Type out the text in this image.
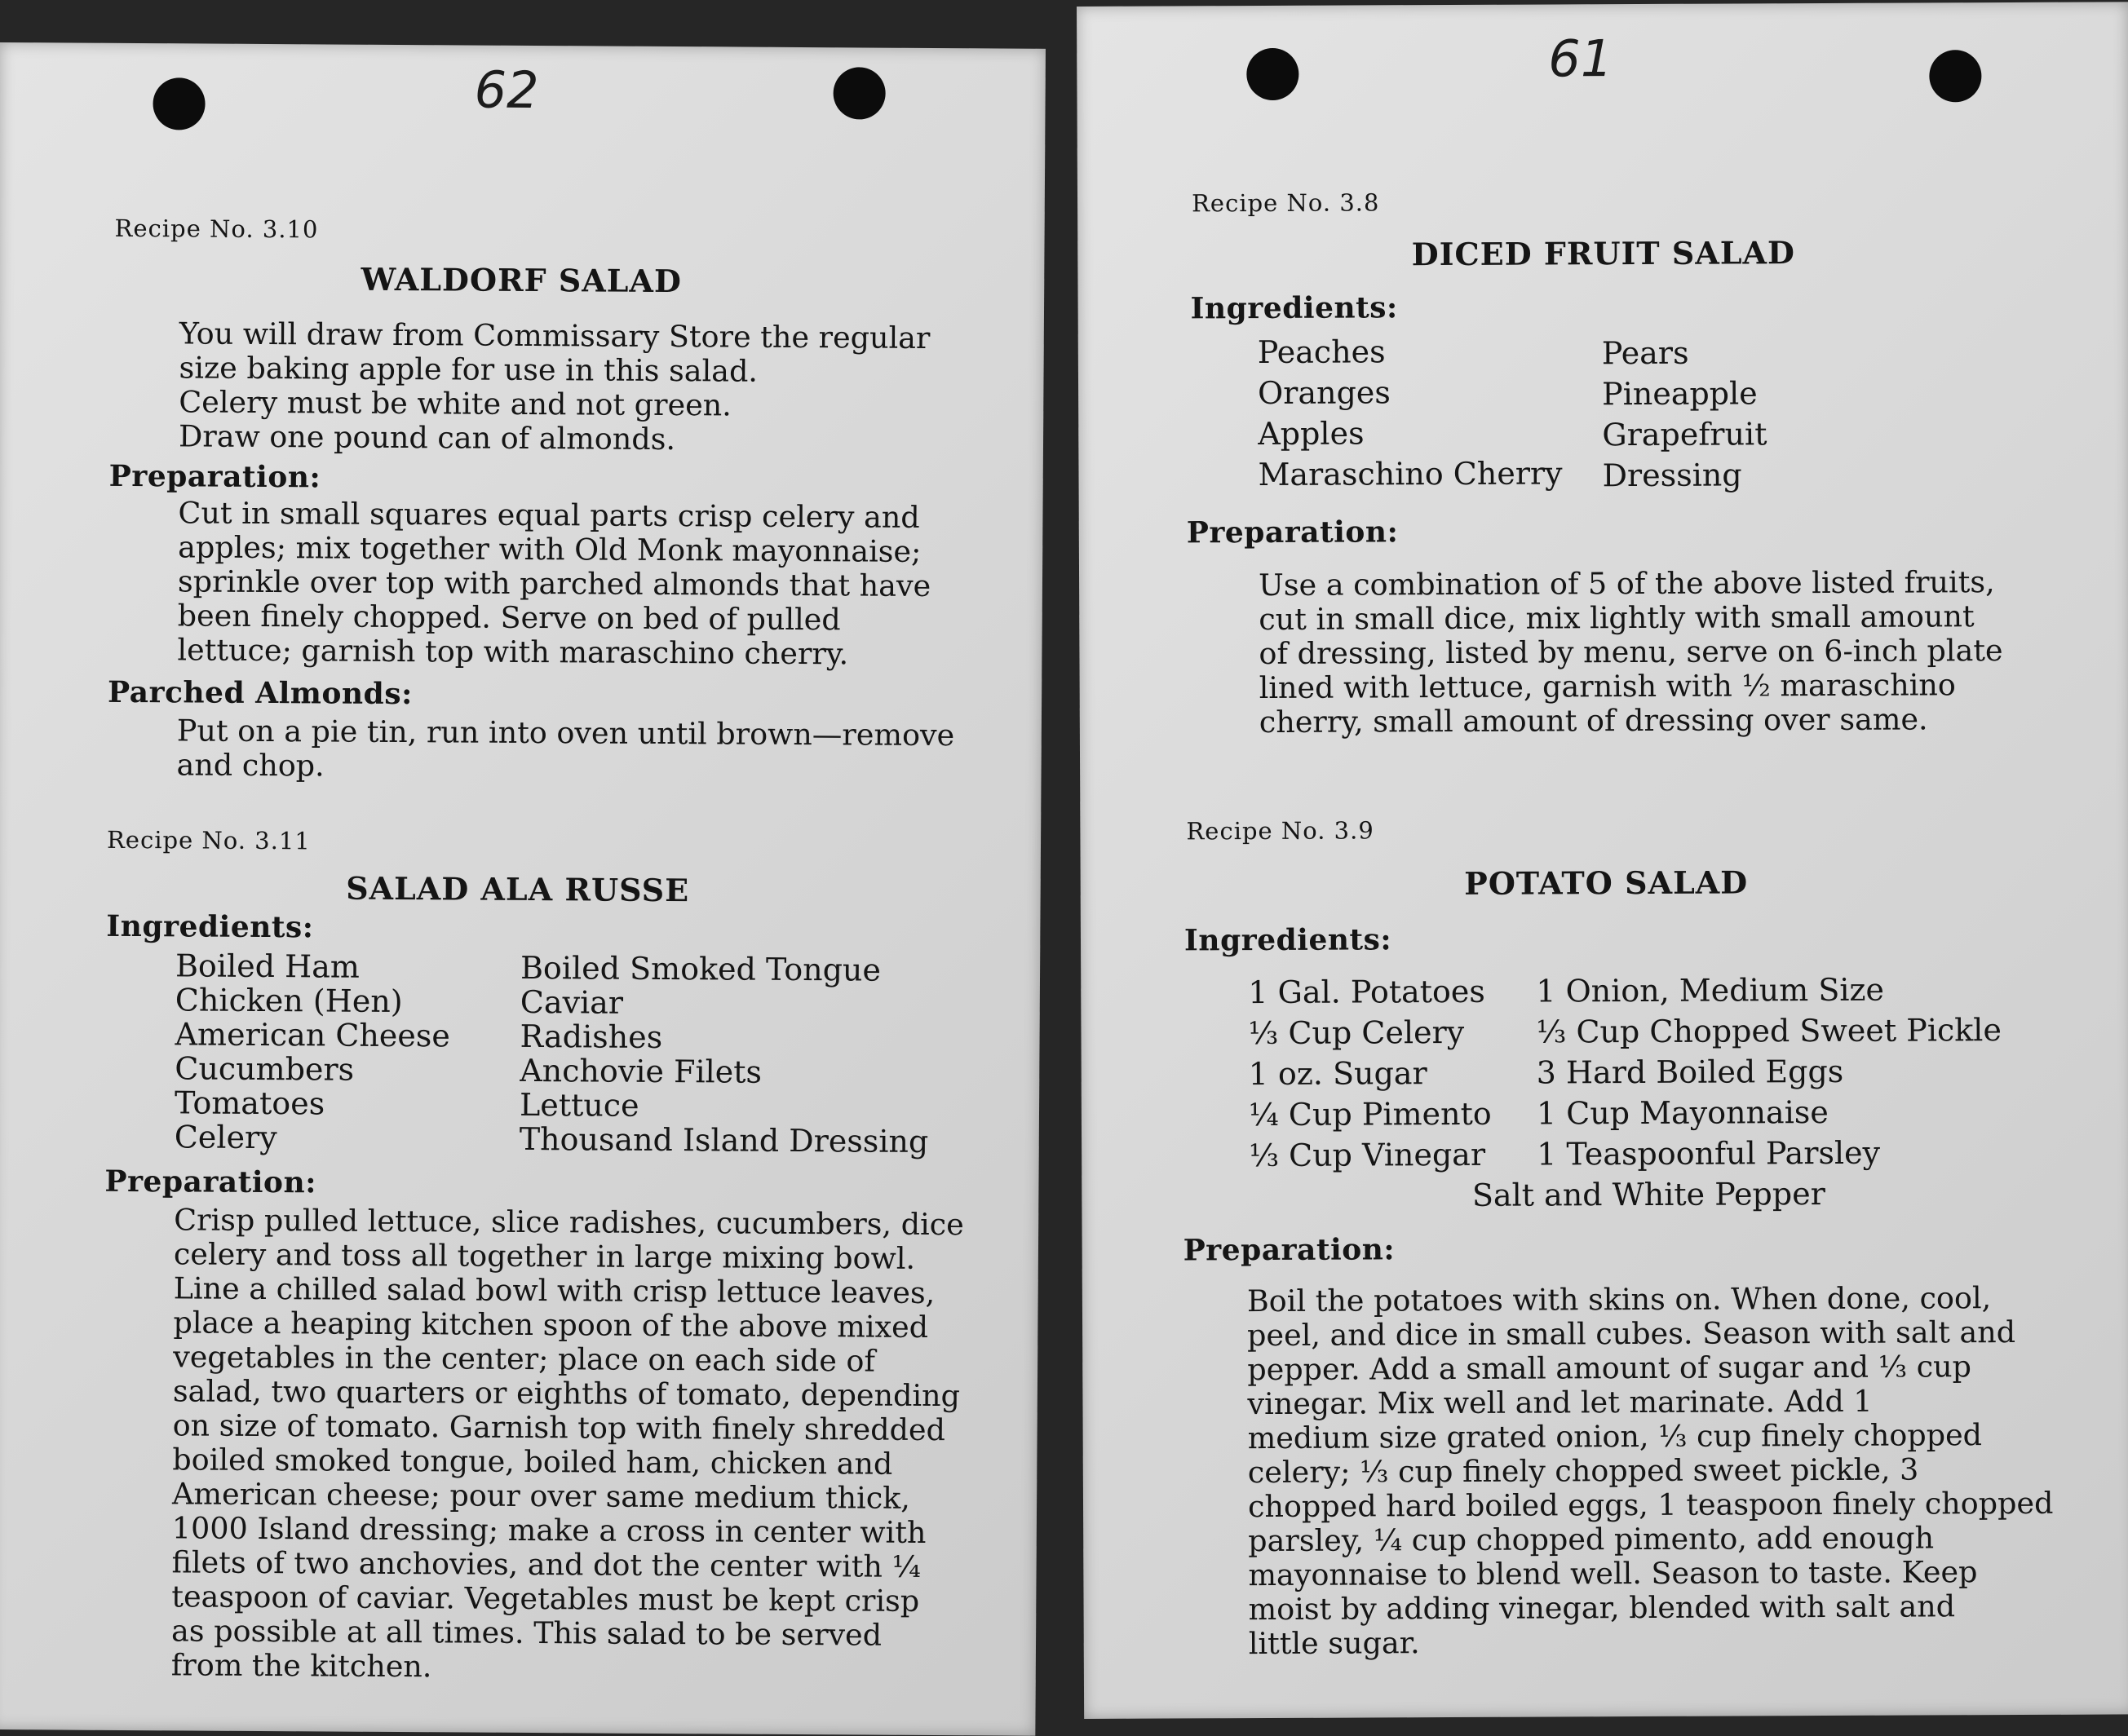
62
Recipe No. 3.10
WALDORF SALAD
You will draw from Commissary Store the regular
size baking apple for use in this salad.
Celery must be white and not green.
Draw one pound can of almonds.
Preparation:
Cut in small squares equal parts crisp celery and
apples; mix together with Old Monk mayonnaise;
sprinkle over top with parched almonds that have
been finely chopped. Serve on bed of pulled
lettuce; garnish top with maraschino cherry.
Parched Almonds:
Put on a pie tin, run into oven until brown—remove
and chop.
Recipe No. 3.11
SALAD ALA RUSSE
Ingredients:
Boiled Ham
Chicken (Hen)
American Cheese
Cucumbers
Tomatoes
Celery
Boiled Smoked Tongue
Caviar
Radishes
Anchovie Filets
Lettuce
Thousand Island Dressing
Preparation:
Crisp pulled lettuce, slice radishes, cucumbers, dice
celery and toss all together in large mixing bowl.
Line a chilled salad bowl with crisp lettuce leaves,
place a heaping kitchen spoon of the above mixed
vegetables in the center; place on each side of
salad, two quarters or eighths of tomato, depending
on size of tomato. Garnish top with finely shredded
boiled smoked tongue, boiled ham, chicken and
American cheese; pour over same medium thick,
1000 Island dressing; make a cross in center with
filets of two anchovies, and dot the center with ¼
teaspoon of caviar. Vegetables must be kept crisp
as possible at all times. This salad to be served
from the kitchen.
61
Recipe No. 3.8
DICED FRUIT SALAD
Ingredients:
Peaches
Oranges
Apples
Maraschino Cherry
Pears
Pineapple
Grapefruit
Dressing
Preparation:
Use a combination of 5 of the above listed fruits,
cut in small dice, mix lightly with small amount
of dressing, listed by menu, serve on 6-inch plate
lined with lettuce, garnish with ½ maraschino
cherry, small amount of dressing over same.
Recipe No. 3.9
POTATO SALAD
Ingredients:
1 Gal. Potatoes
⅓ Cup Celery
1 oz. Sugar
¼ Cup Pimento
⅓ Cup Vinegar
1 Onion, Medium Size
⅓ Cup Chopped Sweet Pickle
3 Hard Boiled Eggs
1 Cup Mayonnaise
1 Teaspoonful Parsley
Salt and White Pepper
Preparation:
Boil the potatoes with skins on. When done, cool,
peel, and dice in small cubes. Season with salt and
pepper. Add a small amount of sugar and ⅓ cup
vinegar. Mix well and let marinate. Add 1
medium size grated onion, ⅓ cup finely chopped
celery; ⅓ cup finely chopped sweet pickle, 3
chopped hard boiled eggs, 1 teaspoon finely chopped
parsley, ¼ cup chopped pimento, add enough
mayonnaise to blend well. Season to taste. Keep
moist by adding vinegar, blended with salt and
little sugar.
